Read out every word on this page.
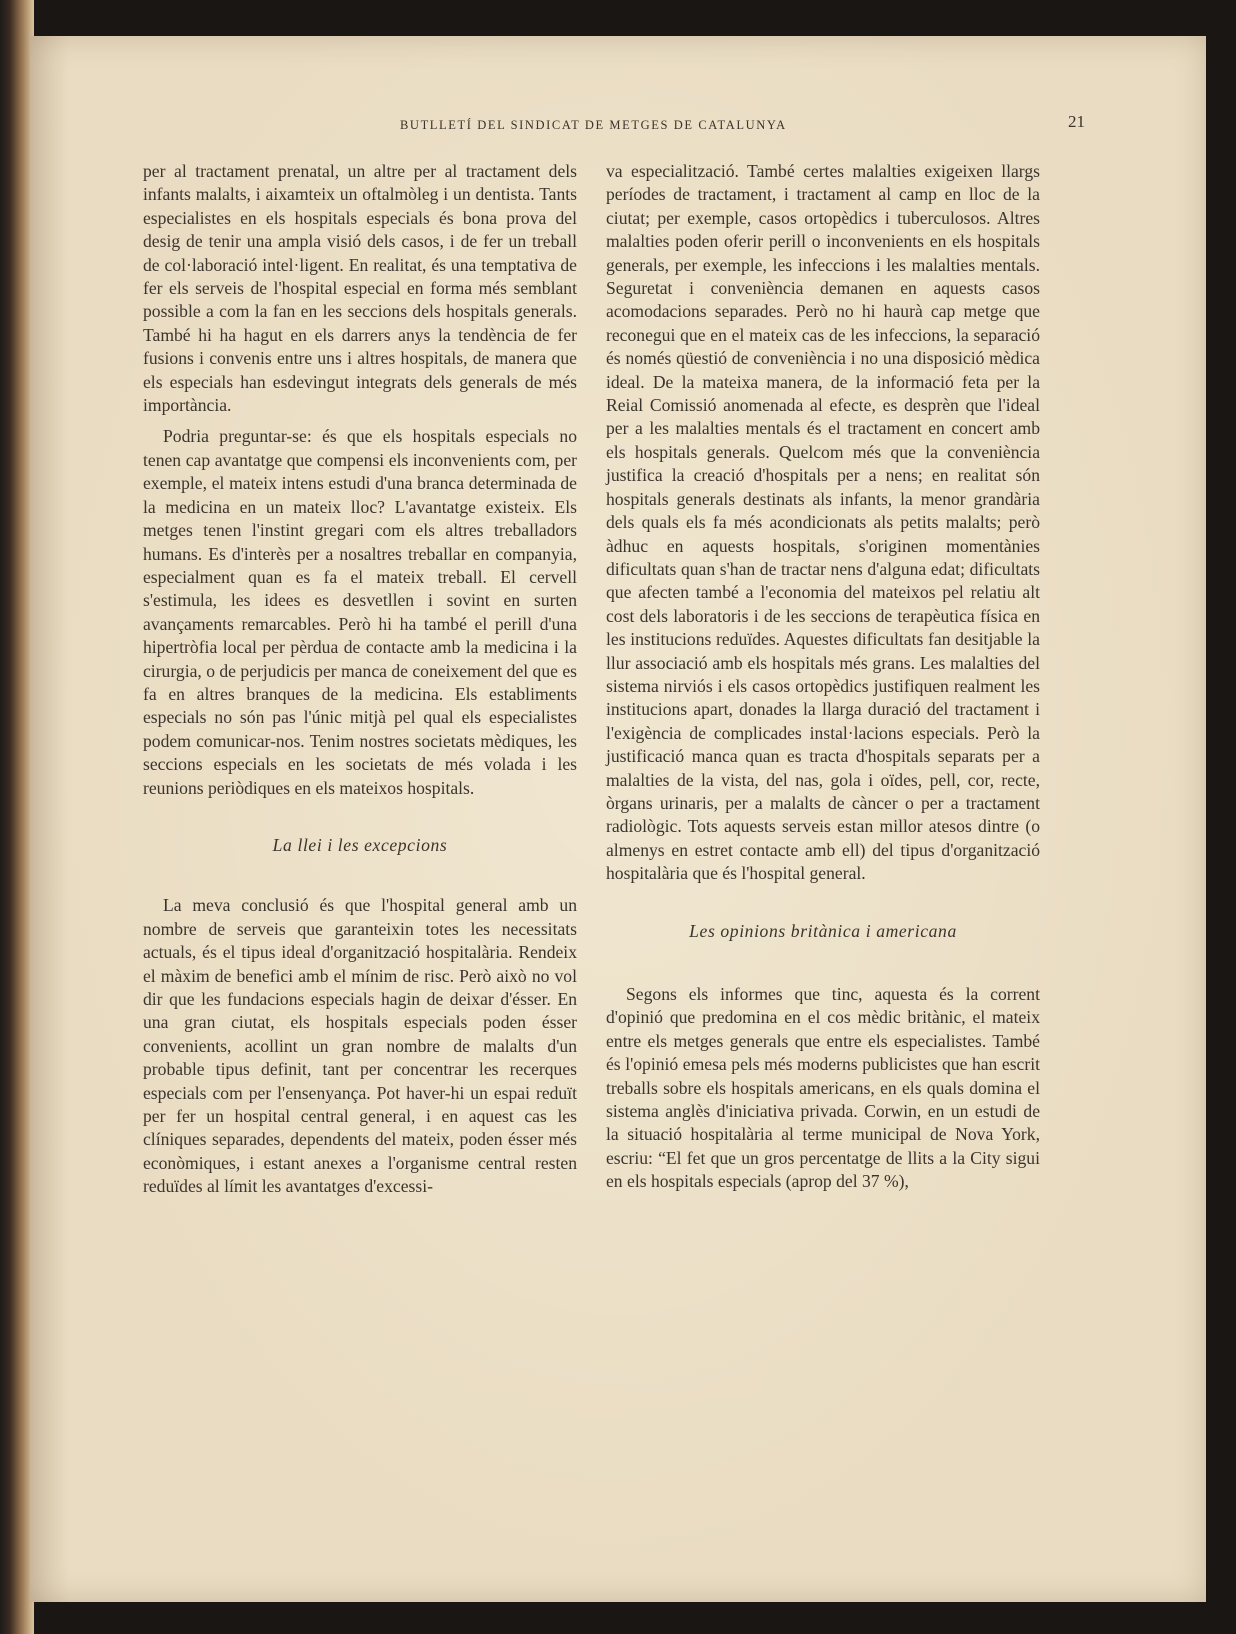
BUTLLETÍ DEL SINDICAT DE METGES DE CATALUNYA	21

per al tractament prenatal, un altre per al tractament dels infants malalts, i aixamteix un oftalmòleg i un dentista. Tants especialistes en els hospitals especials és bona prova del desig de tenir una ampla visió dels casos, i de fer un treball de col·laboració intel·ligent. En realitat, és una temptativa de fer els serveis de l'hospital especial en forma més semblant possible a com la fan en les seccions dels hospitals generals. També hi ha hagut en els darrers anys la tendència de fer fusions i convenis entre uns i altres hospitals, de manera que els especials han esdevingut integrats dels generals de més importància.

Podria preguntar-se: és que els hospitals especials no tenen cap avantatge que compensi els inconvenients com, per exemple, el mateix intens estudi d'una branca determinada de la medicina en un mateix lloc? L'avantatge existeix. Els metges tenen l'instint gregari com els altres treballadors humans. Es d'interès per a nosaltres treballar en companyia, especialment quan es fa el mateix treball. El cervell s'estimula, les idees es desvetllen i sovint en surten avançaments remarcables. Però hi ha també el perill d'una hipertròfia local per pèrdua de contacte amb la medicina i la cirurgia, o de perjudicis per manca de coneixement del que es fa en altres branques de la medicina. Els establiments especials no són pas l'únic mitjà pel qual els especialistes podem comunicar-nos. Tenim nostres societats mèdiques, les seccions especials en les societats de més volada i les reunions periòdiques en els mateixos hospitals.

La llei i les excepcions

La meva conclusió és que l'hospital general amb un nombre de serveis que garanteixin totes les necessitats actuals, és el tipus ideal d'organització hospitalària. Rendeix el màxim de benefici amb el mínim de risc. Però això no vol dir que les fundacions especials hagin de deixar d'ésser. En una gran ciutat, els hospitals especials poden ésser convenients, acollint un gran nombre de malalts d'un probable tipus definit, tant per concentrar les recerques especials com per l'ensenyança. Pot haver-hi un espai reduït per fer un hospital central general, i en aquest cas les clíniques separades, dependents del mateix, poden ésser més econòmiques, i estant anexes a l'organisme central resten reduïdes al límit les avantatges d'excessi-

va especialització. També certes malalties exigeixen llargs períodes de tractament, i tractament al camp en lloc de la ciutat; per exemple, casos ortopèdics i tuberculosos. Altres malalties poden oferir perill o inconvenients en els hospitals generals, per exemple, les infeccions i les malalties mentals. Seguretat i conveniència demanen en aquests casos acomodacions separades. Però no hi haurà cap metge que reconegui que en el mateix cas de les infeccions, la separació és només qüestió de conveniència i no una disposició mèdica ideal. De la mateixa manera, de la informació feta per la Reial Comissió anomenada al efecte, es desprèn que l'ideal per a les malalties mentals és el tractament en concert amb els hospitals generals. Quelcom més que la conveniència justifica la creació d'hospitals per a nens; en realitat són hospitals generals destinats als infants, la menor grandària dels quals els fa més acondicionats als petits malalts; però àdhuc en aquests hospitals, s'originen momentànies dificultats quan s'han de tractar nens d'alguna edat; dificultats que afecten també a l'economia del mateixos pel relatiu alt cost dels laboratoris i de les seccions de terapèutica física en les institucions reduïdes. Aquestes dificultats fan desitjable la llur associació amb els hospitals més grans. Les malalties del sistema nirviós i els casos ortopèdics justifiquen realment les institucions apart, donades la llarga duració del tractament i l'exigència de complicades instal·lacions especials. Però la justificació manca quan es tracta d'hospitals separats per a malalties de la vista, del nas, gola i oïdes, pell, cor, recte, òrgans urinaris, per a malalts de càncer o per a tractament radiològic. Tots aquests serveis estan millor atesos dintre (o almenys en estret contacte amb ell) del tipus d'organització hospitalària que és l'hospital general.

Les opinions britànica i americana

Segons els informes que tinc, aquesta és la corrent d'opinió que predomina en el cos mèdic britànic, el mateix entre els metges generals que entre els especialistes. També és l'opinió emesa pels més moderns publicistes que han escrit treballs sobre els hospitals americans, en els quals domina el sistema anglès d'iniciativa privada. Corwin, en un estudi de la situació hospitalària al terme municipal de Nova York, escriu: “El fet que un gros percentatge de llits a la City sigui en els hospitals especials (aprop del 37 %),
